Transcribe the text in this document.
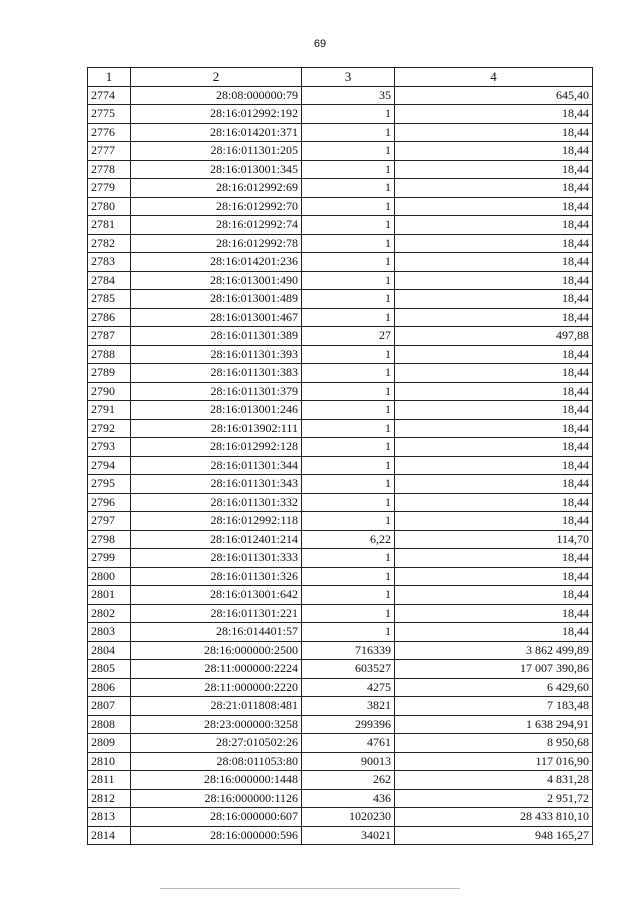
69
1	2	3	4
2774	28:08:000000:79	35	645,40
2775	28:16:012992:192	1	18,44
2776	28:16:014201:371	1	18,44
2777	28:16:011301:205	1	18,44
2778	28:16:013001:345	1	18,44
2779	28:16:012992:69	1	18,44
2780	28:16:012992:70	1	18,44
2781	28:16:012992:74	1	18,44
2782	28:16:012992:78	1	18,44
2783	28:16:014201:236	1	18,44
2784	28:16:013001:490	1	18,44
2785	28:16:013001:489	1	18,44
2786	28:16:013001:467	1	18,44
2787	28:16:011301:389	27	497,88
2788	28:16:011301:393	1	18,44
2789	28:16:011301:383	1	18,44
2790	28:16:011301:379	1	18,44
2791	28:16:013001:246	1	18,44
2792	28:16:013902:111	1	18,44
2793	28:16:012992:128	1	18,44
2794	28:16:011301:344	1	18,44
2795	28:16:011301:343	1	18,44
2796	28:16:011301:332	1	18,44
2797	28:16:012992:118	1	18,44
2798	28:16:012401:214	6,22	114,70
2799	28:16:011301:333	1	18,44
2800	28:16:011301:326	1	18,44
2801	28:16:013001:642	1	18,44
2802	28:16:011301:221	1	18,44
2803	28:16:014401:57	1	18,44
2804	28:16:000000:2500	716339	3 862 499,89
2805	28:11:000000:2224	603527	17 007 390,86
2806	28:11:000000:2220	4275	6 429,60
2807	28:21:011808:481	3821	7 183,48
2808	28:23:000000:3258	299396	1 638 294,91
2809	28:27:010502:26	4761	8 950,68
2810	28:08:011053:80	90013	117 016,90
2811	28:16:000000:1448	262	4 831,28
2812	28:16:000000:1126	436	2 951,72
2813	28:16:000000:607	1020230	28 433 810,10
2814	28:16:000000:596	34021	948 165,27
